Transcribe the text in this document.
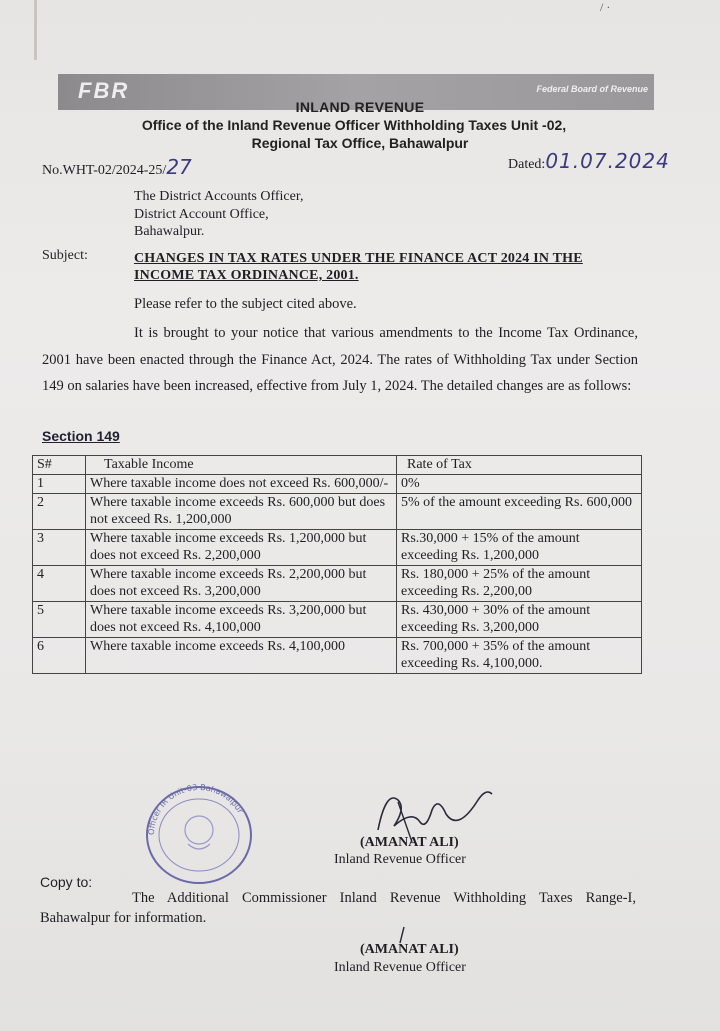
/ ·
FBR	Federal Board of Revenue
INLAND REVENUE
Office of the Inland Revenue Officer Withholding Taxes Unit -02,
Regional Tax Office, Bahawalpur
No.WHT-02/2024-25/27	Dated:01.07.2024
The District Accounts Officer,
District Account Office,
Bahawalpur.
Subject:	CHANGES IN TAX RATES UNDER THE FINANCE ACT 2024 IN THE INCOME TAX ORDINANCE, 2001.
Please refer to the subject cited above.
It is brought to your notice that various amendments to the Income Tax Ordinance, 2001 have been enacted through the Finance Act, 2024. The rates of Withholding Tax under Section 149 on salaries have been increased, effective from July 1, 2024. The detailed changes are as follows:
Section 149
S#	Taxable Income	Rate of Tax
1	Where taxable income does not exceed Rs. 600,000/-	0%
2	Where taxable income exceeds Rs. 600,000 but does not exceed Rs. 1,200,000	5% of the amount exceeding Rs. 600,000
3	Where taxable income exceeds Rs. 1,200,000 but does not exceed Rs. 2,200,000	Rs.30,000 + 15% of the amount exceeding Rs. 1,200,000
4	Where taxable income exceeds Rs. 2,200,000 but does not exceed Rs. 3,200,000	Rs. 180,000 + 25% of the amount exceeding Rs. 2,200,00
5	Where taxable income exceeds Rs. 3,200,000 but does not exceed Rs. 4,100,000	Rs. 430,000 + 30% of the amount exceeding Rs. 3,200,000
6	Where taxable income exceeds Rs. 4,100,000	Rs. 700,000 + 35% of the amount exceeding Rs. 4,100,000.
Officer IR Unit-03 Bahawalpur
(AMANAT ALI)
Inland Revenue Officer
Copy to:
The Additional Commissioner Inland Revenue Withholding Taxes Range-I, Bahawalpur for information.
(AMANAT ALI)
Inland Revenue Officer
